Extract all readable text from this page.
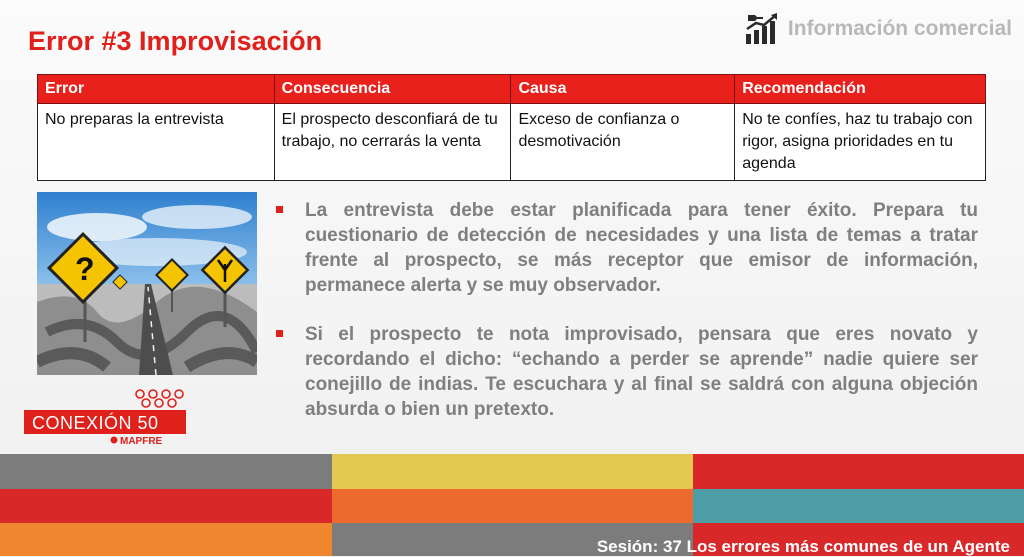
Error #3 Improvisación	Información comercial
Error	Consecuencia	Causa	Recomendación
No preparas la entrevista	El prospecto desconfiará de tu trabajo, no cerrarás la venta	Exceso de confianza o desmotivación	No te confíes, haz tu trabajo con rigor, asigna prioridades en tu agenda
?
La entrevista debe estar planificada para tener éxito. Prepara tu cuestionario de detección de necesidades y una lista de temas a tratar frente al prospecto, se más receptor que emisor de información, permanece alerta y se muy observador.
Si el prospecto te nota improvisado, pensara que eres novato y recordando el dicho: “echando a perder se aprende” nadie quiere ser conejillo de indias. Te escuchara y al final se saldrá con alguna objeción absurda o bien un pretexto.
CONEXIÓN 50
MAPFRE
Sesión: 37 Los errores más comunes de un Agente
